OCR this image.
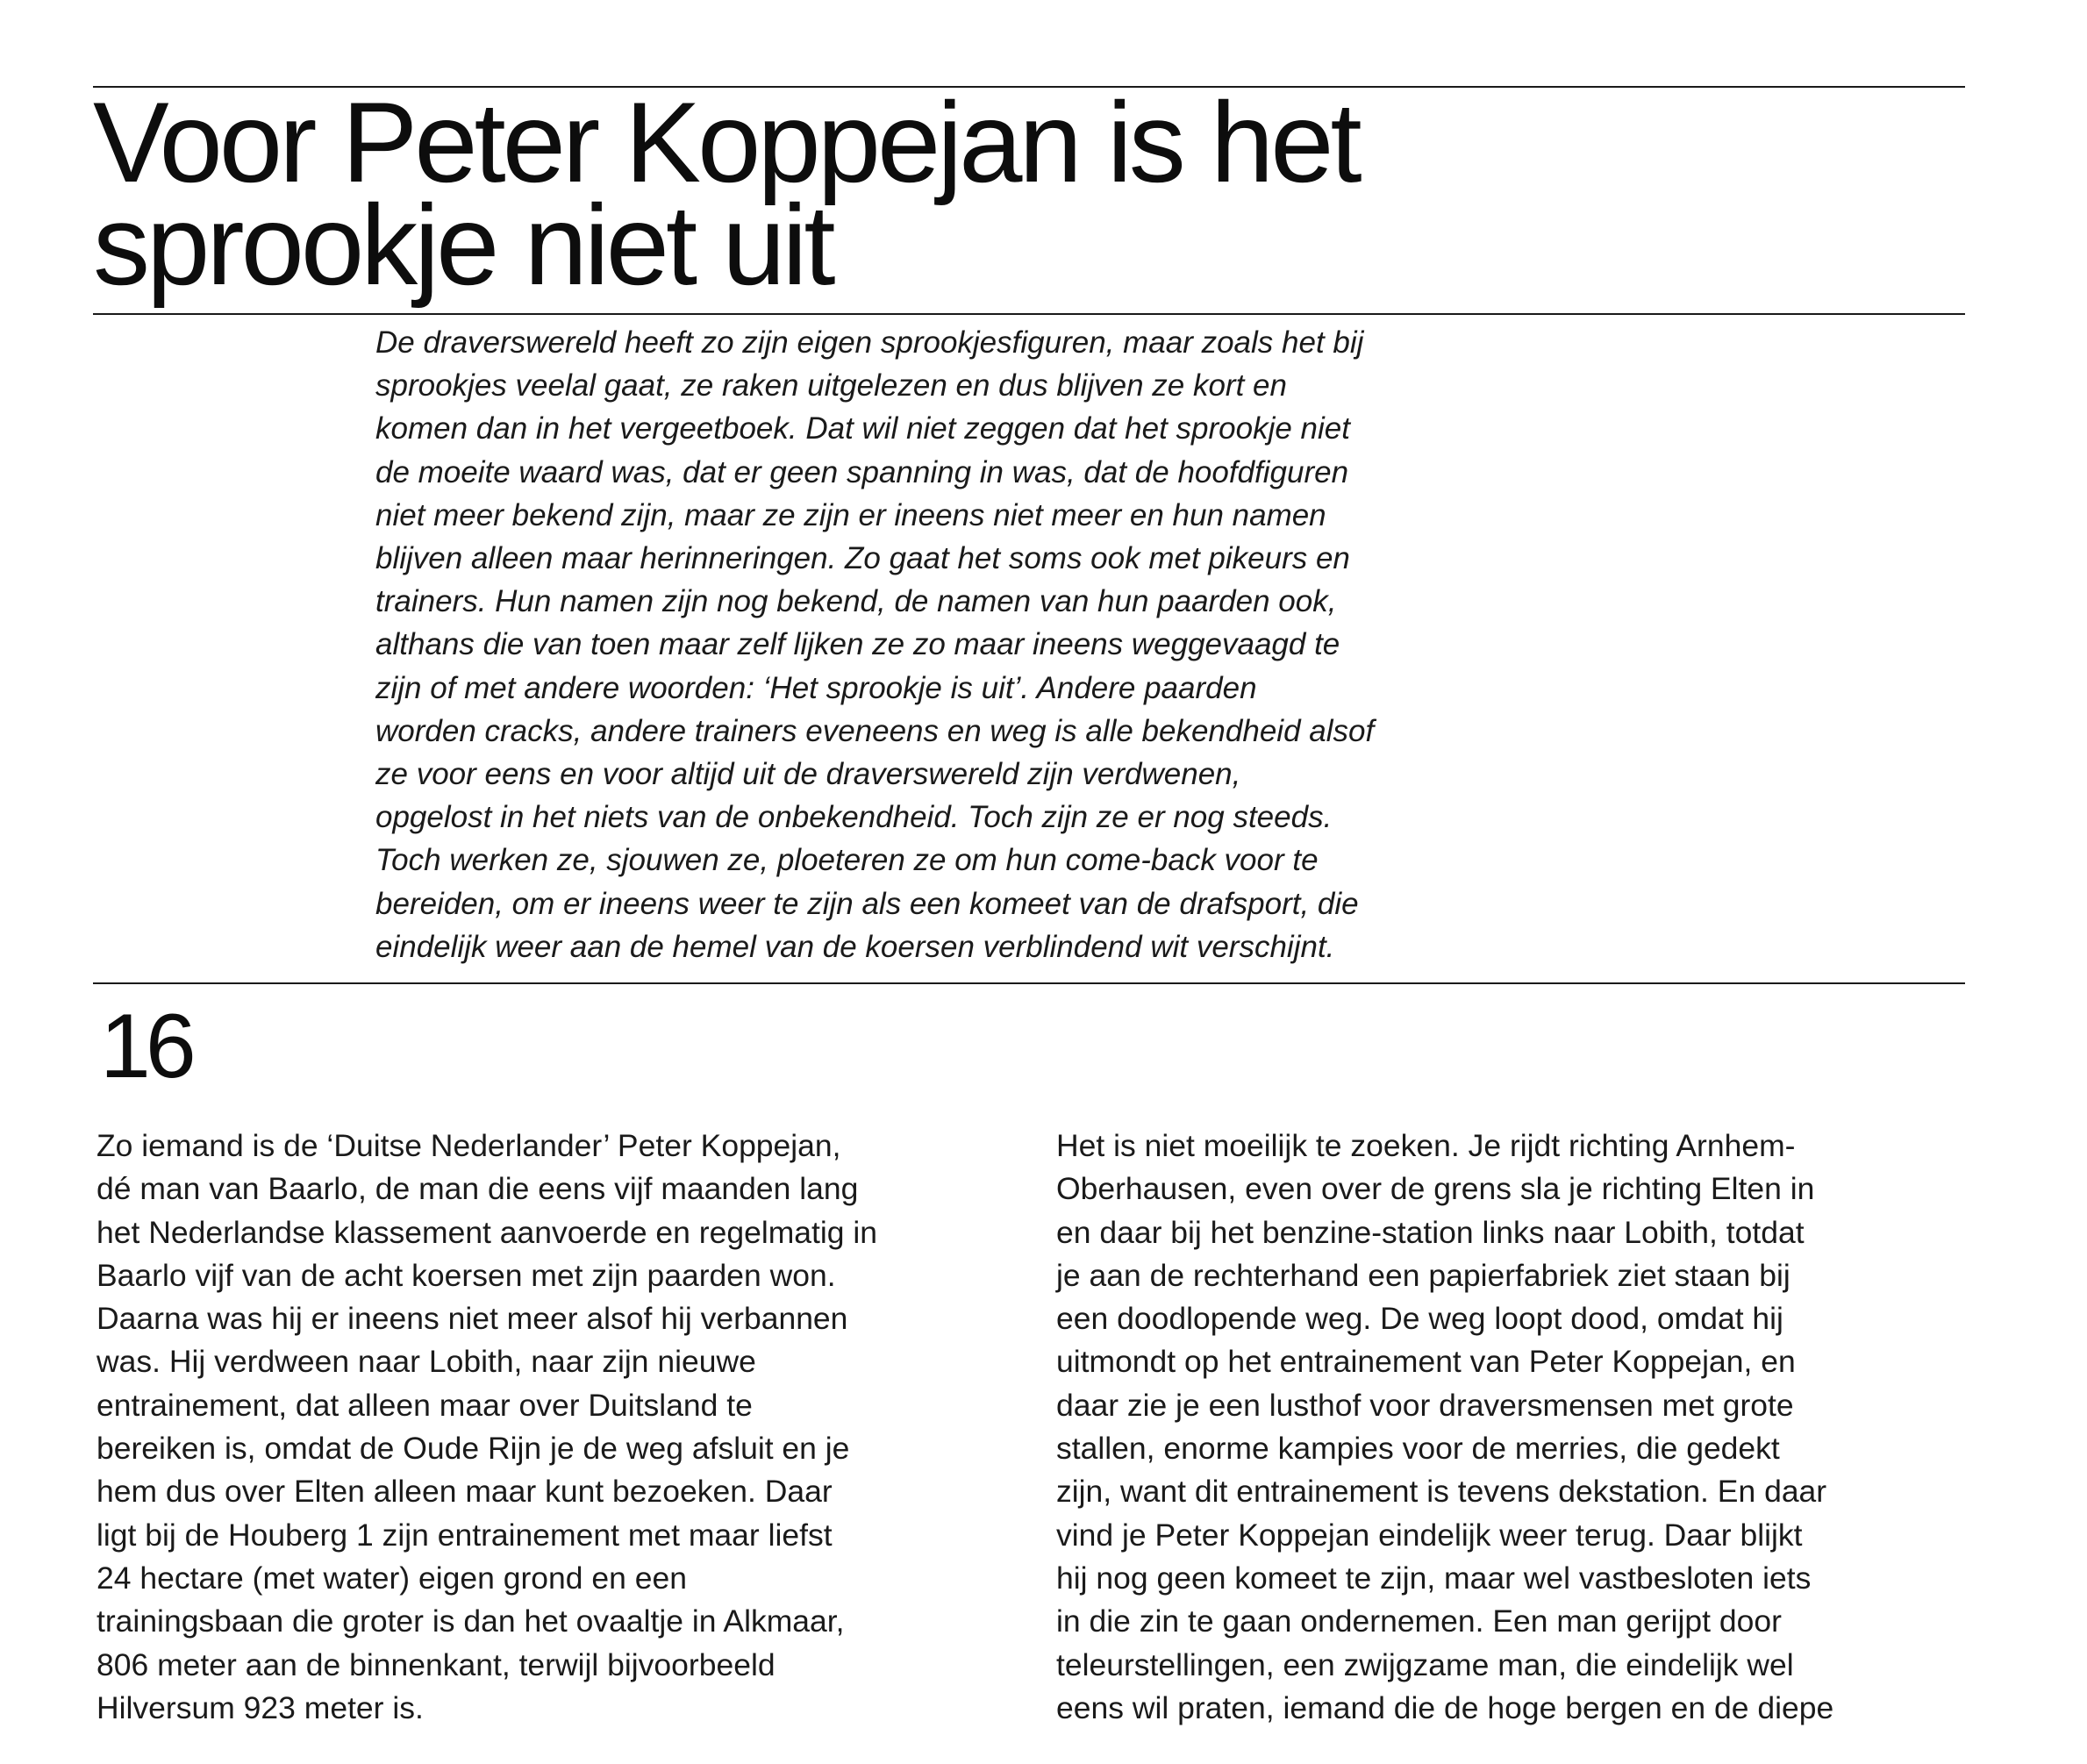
Voor Peter Koppejan is het
sprookje niet uit

De draverswereld heeft zo zijn eigen sprookjesfiguren, maar zoals het bij
sprookjes veelal gaat, ze raken uitgelezen en dus blijven ze kort en
komen dan in het vergeetboek. Dat wil niet zeggen dat het sprookje niet
de moeite waard was, dat er geen spanning in was, dat de hoofdfiguren
niet meer bekend zijn, maar ze zijn er ineens niet meer en hun namen
blijven alleen maar herinneringen. Zo gaat het soms ook met pikeurs en
trainers. Hun namen zijn nog bekend, de namen van hun paarden ook,
althans die van toen maar zelf lijken ze zo maar ineens weggevaagd te
zijn of met andere woorden: ‘Het sprookje is uit’. Andere paarden
worden cracks, andere trainers eveneens en weg is alle bekendheid alsof
ze voor eens en voor altijd uit de draverswereld zijn verdwenen,
opgelost in het niets van de onbekendheid. Toch zijn ze er nog steeds.
Toch werken ze, sjouwen ze, ploeteren ze om hun come-back voor te
bereiden, om er ineens weer te zijn als een komeet van de drafsport, die
eindelijk weer aan de hemel van de koersen verblindend wit verschijnt.

16

Zo iemand is de ‘Duitse Nederlander’ Peter Koppejan,
dé man van Baarlo, de man die eens vijf maanden lang
het Nederlandse klassement aanvoerde en regelmatig in
Baarlo vijf van de acht koersen met zijn paarden won.
Daarna was hij er ineens niet meer alsof hij verbannen
was. Hij verdween naar Lobith, naar zijn nieuwe
entrainement, dat alleen maar over Duitsland te
bereiken is, omdat de Oude Rijn je de weg afsluit en je
hem dus over Elten alleen maar kunt bezoeken. Daar
ligt bij de Houberg 1 zijn entrainement met maar liefst
24 hectare (met water) eigen grond en een
trainingsbaan die groter is dan het ovaaltje in Alkmaar,
806 meter aan de binnenkant, terwijl bijvoorbeeld
Hilversum 923 meter is.

Het is niet moeilijk te zoeken. Je rijdt richting Arnhem-
Oberhausen, even over de grens sla je richting Elten in
en daar bij het benzine-station links naar Lobith, totdat
je aan de rechterhand een papierfabriek ziet staan bij
een doodlopende weg. De weg loopt dood, omdat hij
uitmondt op het entrainement van Peter Koppejan, en
daar zie je een lusthof voor draversmensen met grote
stallen, enorme kampies voor de merries, die gedekt
zijn, want dit entrainement is tevens dekstation. En daar
vind je Peter Koppejan eindelijk weer terug. Daar blijkt
hij nog geen komeet te zijn, maar wel vastbesloten iets
in die zin te gaan ondernemen. Een man gerijpt door
teleurstellingen, een zwijgzame man, die eindelijk wel
eens wil praten, iemand die de hoge bergen en de diepe
